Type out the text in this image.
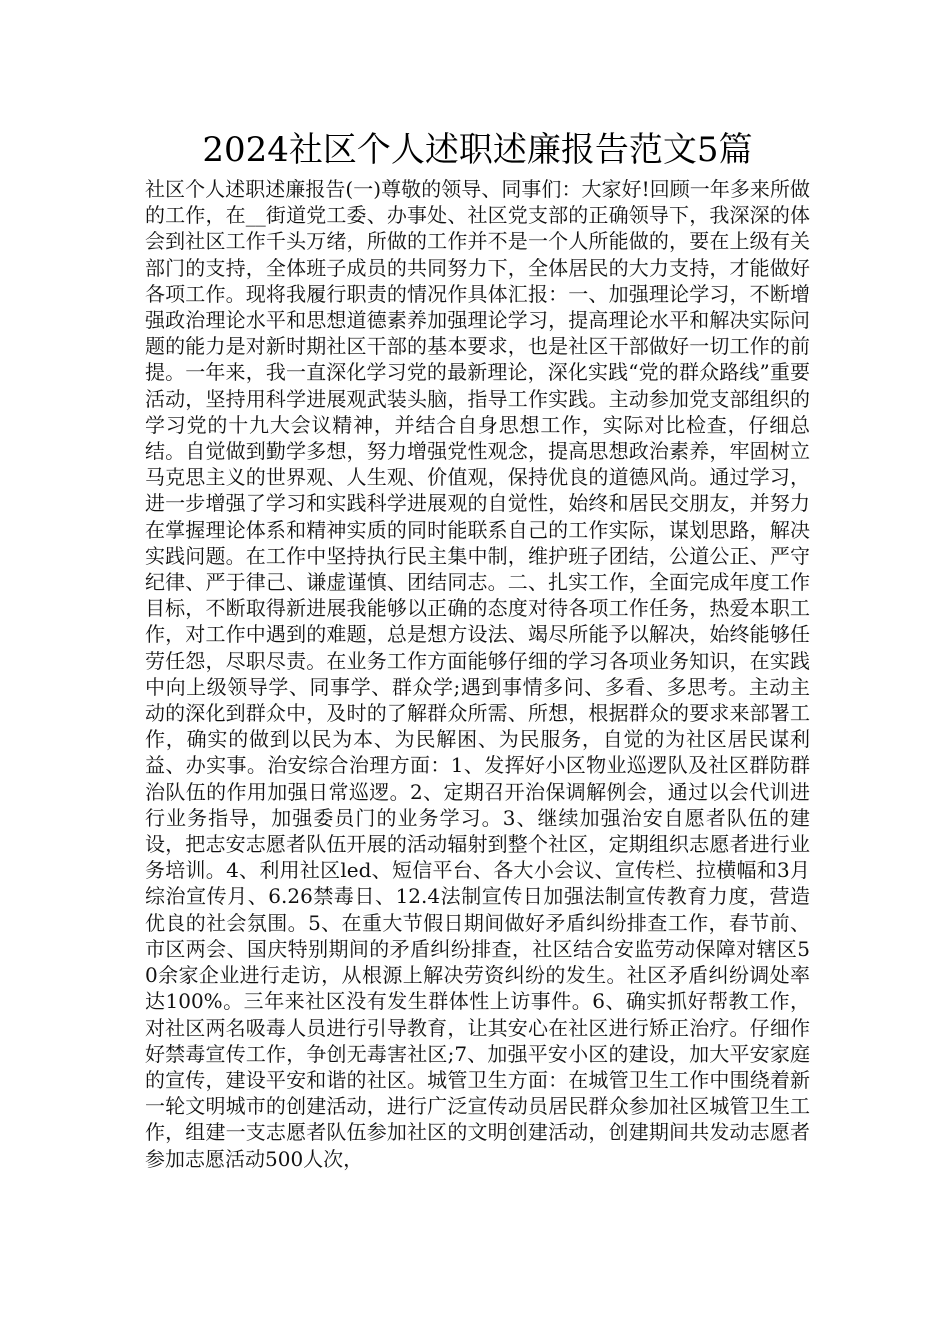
2024社区个人述职述廉报告范文5篇

社区个人述职述廉报告(一)尊敬的领导、同事们：大家好!回顾一年多来所做的工作，在__街道党工委、办事处、社区党支部的正确领导下，我深深的体会到社区工作千头万绪，所做的工作并不是一个人所能做的，要在上级有关部门的支持，全体班子成员的共同努力下，全体居民的大力支持，才能做好各项工作。现将我履行职责的情况作具体汇报：一、加强理论学习，不断增强政治理论水平和思想道德素养加强理论学习，提高理论水平和解决实际问题的能力是对新时期社区干部的基本要求，也是社区干部做好一切工作的前提。一年来，我一直深化学习党的最新理论，深化实践“党的群众路线”重要活动，坚持用科学进展观武装头脑，指导工作实践。主动参加党支部组织的学习党的十九大会议精神，并结合自身思想工作，实际对比检查，仔细总结。自觉做到勤学多想，努力增强党性观念，提高思想政治素养，牢固树立马克思主义的世界观、人生观、价值观，保持优良的道德风尚。通过学习，进一步增强了学习和实践科学进展观的自觉性，始终和居民交朋友，并努力在掌握理论体系和精神实质的同时能联系自己的工作实际，谋划思路，解决实践问题。在工作中坚持执行民主集中制，维护班子团结，公道公正、严守纪律、严于律己、谦虚谨慎、团结同志。二、扎实工作，全面完成年度工作目标，不断取得新进展我能够以正确的态度对待各项工作任务，热爱本职工作，对工作中遇到的难题，总是想方设法、竭尽所能予以解决，始终能够任劳任怨，尽职尽责。在业务工作方面能够仔细的学习各项业务知识，在实践中向上级领导学、同事学、群众学;遇到事情多问、多看、多思考。主动主动的深化到群众中，及时的了解群众所需、所想，根据群众的要求来部署工作，确实的做到以民为本、为民解困、为民服务，自觉的为社区居民谋利益、办实事。治安综合治理方面：1、发挥好小区物业巡逻队及社区群防群治队伍的作用加强日常巡逻。2、定期召开治保调解例会，通过以会代训进行业务指导，加强委员门的业务学习。3、继续加强治安自愿者队伍的建设，把志安志愿者队伍开展的活动辐射到整个社区，定期组织志愿者进行业务培训。4、利用社区led、短信平台、各大小会议、宣传栏、拉横幅和3月综治宣传月、6.26禁毒日、12.4法制宣传日加强法制宣传教育力度，营造优良的社会氛围。5、在重大节假日期间做好矛盾纠纷排查工作，春节前、市区两会、国庆特别期间的矛盾纠纷排查，社区结合安监劳动保障对辖区50余家企业进行走访，从根源上解决劳资纠纷的发生。社区矛盾纠纷调处率达100%。三年来社区没有发生群体性上访事件。6、确实抓好帮教工作，对社区两名吸毒人员进行引导教育，让其安心在社区进行矫正治疗。仔细作好禁毒宣传工作，争创无毒害社区;7、加强平安小区的建设，加大平安家庭的宣传，建设平安和谐的社区。城管卫生方面：在城管卫生工作中围绕着新一轮文明城市的创建活动，进行广泛宣传动员居民群众参加社区城管卫生工作，组建一支志愿者队伍参加社区的文明创建活动，创建期间共发动志愿者参加志愿活动500人次，
